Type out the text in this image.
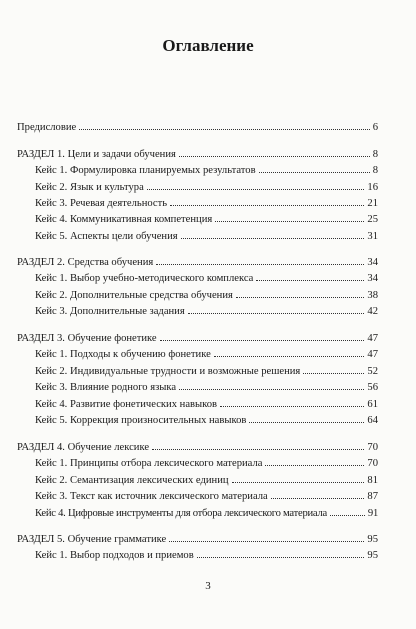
Оглавление
Предисловие	6
РАЗДЕЛ 1. Цели и задачи обучения	8
Кейс 1. Формулировка планируемых результатов	8
Кейс 2. Язык и культура	16
Кейс 3. Речевая деятельность	21
Кейс 4. Коммуникативная компетенция	25
Кейс 5. Аспекты цели обучения	31
РАЗДЕЛ 2. Средства обучения	34
Кейс 1. Выбор учебно-методического комплекса	34
Кейс 2. Дополнительные средства обучения	38
Кейс 3. Дополнительные задания	42
РАЗДЕЛ 3. Обучение фонетике	47
Кейс 1. Подходы к обучению фонетике	47
Кейс 2. Индивидуальные трудности и возможные решения	52
Кейс 3. Влияние родного языка	56
Кейс 4. Развитие фонетических навыков	61
Кейс 5. Коррекция произносительных навыков	64
РАЗДЕЛ 4. Обучение лексике	70
Кейс 1. Принципы отбора лексического материала	70
Кейс 2. Семантизация лексических единиц	81
Кейс 3. Текст как источник лексического материала	87
Кейс 4. Цифровые инструменты для отбора лексического материала	91
РАЗДЕЛ 5. Обучение грамматике	95
Кейс 1. Выбор подходов и приемов	95
3
